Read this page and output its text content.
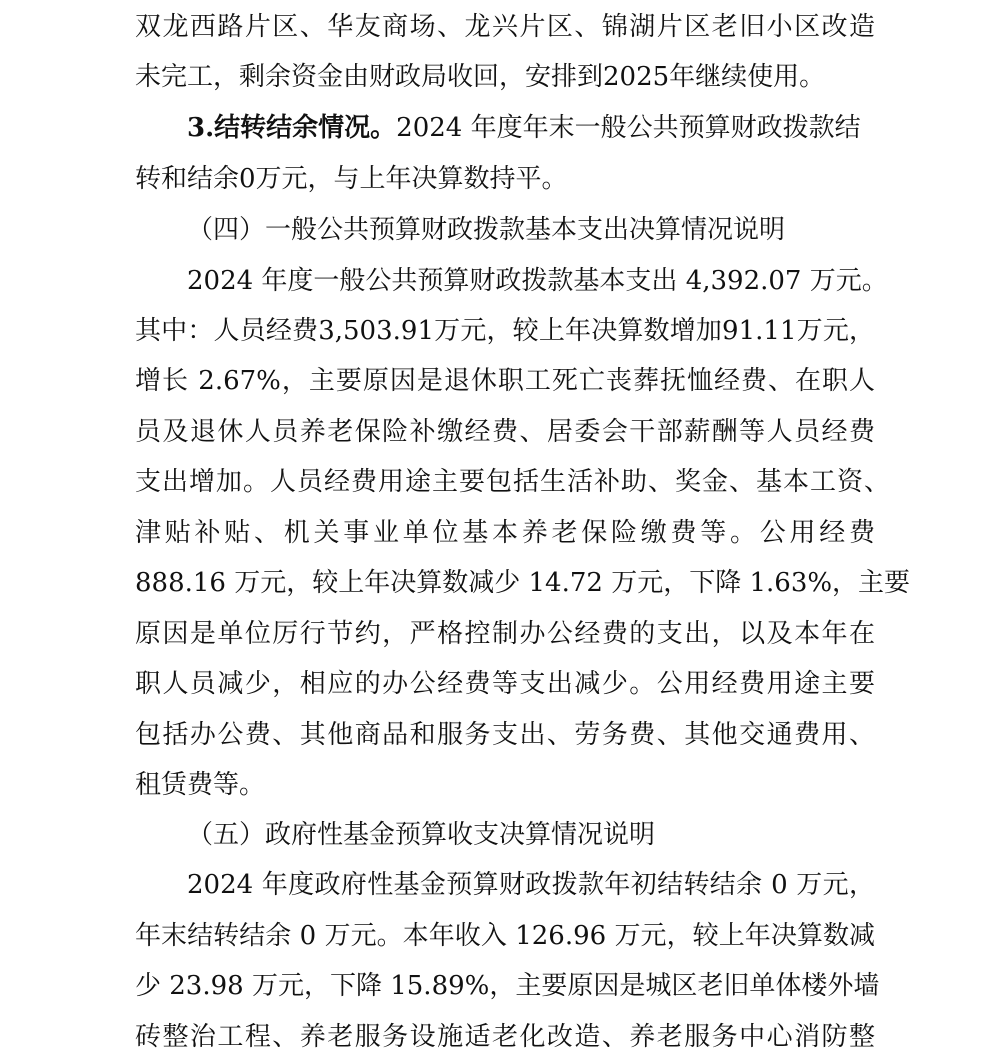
双龙西路片区、华友商场、龙兴片区、锦湖片区老旧小区改造
未完工，剩余资金由财政局收回，安排到2025年继续使用。
3.结转结余情况。2024 年度年末一般公共预算财政拨款结
转和结余0万元，与上年决算数持平。
（四）一般公共预算财政拨款基本支出决算情况说明
2024 年度一般公共预算财政拨款基本支出 4,392.07 万元。
其中：人员经费3,503.91万元，较上年决算数增加91.11万元，
增长 2.67%，主要原因是退休职工死亡丧葬抚恤经费、在职人
员及退休人员养老保险补缴经费、居委会干部薪酬等人员经费
支出增加。人员经费用途主要包括生活补助、奖金、基本工资、
津贴补贴、机关事业单位基本养老保险缴费等。公用经费
888.16 万元，较上年决算数减少 14.72 万元，下降 1.63%，主要
原因是单位厉行节约，严格控制办公经费的支出，以及本年在
职人员减少，相应的办公经费等支出减少。公用经费用途主要
包括办公费、其他商品和服务支出、劳务费、其他交通费用、
租赁费等。
（五）政府性基金预算收支决算情况说明
2024 年度政府性基金预算财政拨款年初结转结余 0 万元，
年末结转结余 0 万元。本年收入 126.96 万元，较上年决算数减
少 23.98 万元，下降 15.89%，主要原因是城区老旧单体楼外墙
砖整治工程、养老服务设施适老化改造、养老服务中心消防整
